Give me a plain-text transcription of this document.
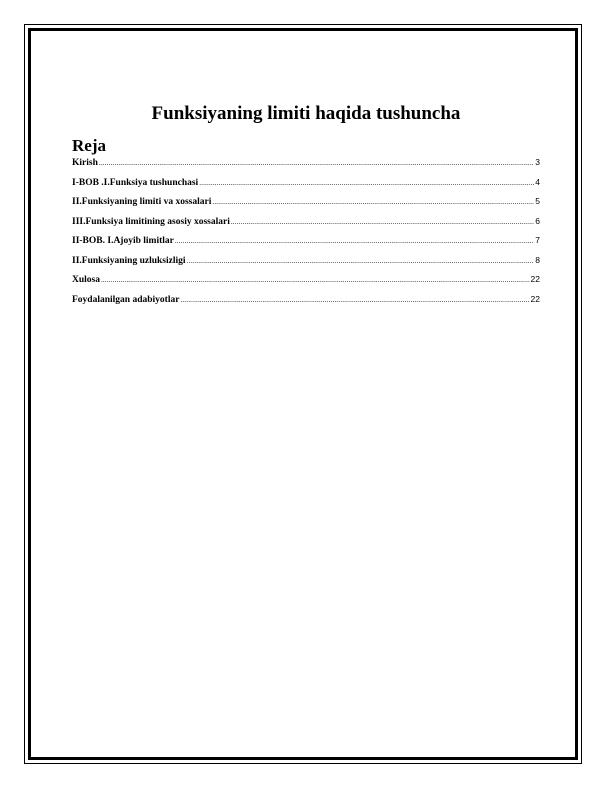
Funksiyaning limiti haqida tushuncha
Reja
Kirish .....	3
I-BOB .I.Funksiya tushunchasi .....	4
II.Funksiyaning limiti va xossalari .....	5
III.Funksiya limitining asosiy xossalari .....	6
II-BOB. I.Ajoyib limitlar .....	7
II.Funksiyaning uzluksizligi .....	8
Xulosa .....	22
Foydalanilgan adabiyotlar .....	22
